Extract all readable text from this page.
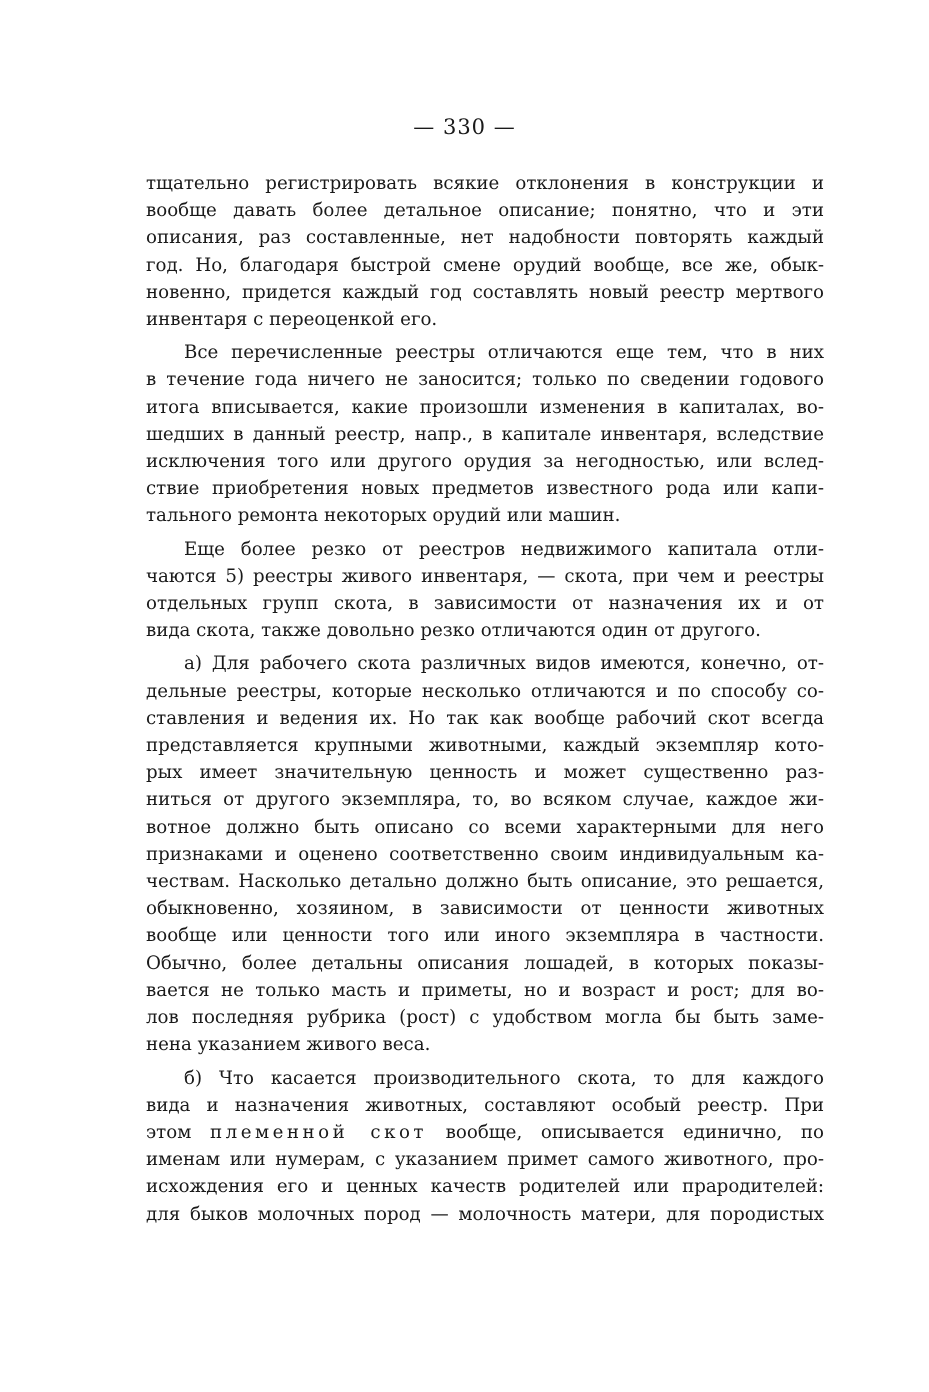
— 330 —
тщательно регистрировать всякие отклонения в конструкции и
вообще давать более детальное описание; понятно, что и эти
описания, раз составленные, нет надобности повторять каждый
год. Но, благодаря быстрой смене орудий вообще, все же, обык-
новенно, придется каждый год составлять новый реестр мертвого
инвентаря с переоценкой его.
Все перечисленные реестры отличаются еще тем, что в них
в течение года ничего не заносится; только по сведении годового
итога вписывается, какие произошли изменения в капиталах, во-
шедших в данный реестр, напр., в капитале инвентаря, вследствие
исключения того или другого орудия за негодностью, или вслед-
ствие приобретения новых предметов известного рода или капи-
тального ремонта некоторых орудий или машин.
Еще более резко от реестров недвижимого капитала отли-
чаются 5) реестры живого инвентаря, — скота, при чем и реестры
отдельных групп скота, в зависимости от назначения их и от
вида скота, также довольно резко отличаются один от другого.
а) Для рабочего скота различных видов имеются, конечно, от-
дельные реестры, которые несколько отличаются и по способу со-
ставления и ведения их. Но так как вообще рабочий скот всегда
представляется крупными животными, каждый экземпляр кото-
рых имеет значительную ценность и может существенно раз-
ниться от другого экземпляра, то, во всяком случае, каждое жи-
вотное должно быть описано со всеми характерными для него
признаками и оценено соответственно своим индивидуальным ка-
чествам. Насколько детально должно быть описание, это решается,
обыкновенно, хозяином, в зависимости от ценности животных
вообще или ценности того или иного экземпляра в частности.
Обычно, более детальны описания лошадей, в которых показы-
вается не только масть и приметы, но и возраст и рост; для во-
лов последняя рубрика (рост) с удобством могла бы быть заме-
нена указанием живого веса.
б) Что касается производительного скота, то для каждого
вида и назначения животных, составляют особый реестр. При
этом племенной скот вообще, описывается единично, по
именам или нумерам, с указанием примет самого животного, про-
исхождения его и ценных качеств родителей или прародителей:
для быков молочных пород — молочность матери, для породистых
